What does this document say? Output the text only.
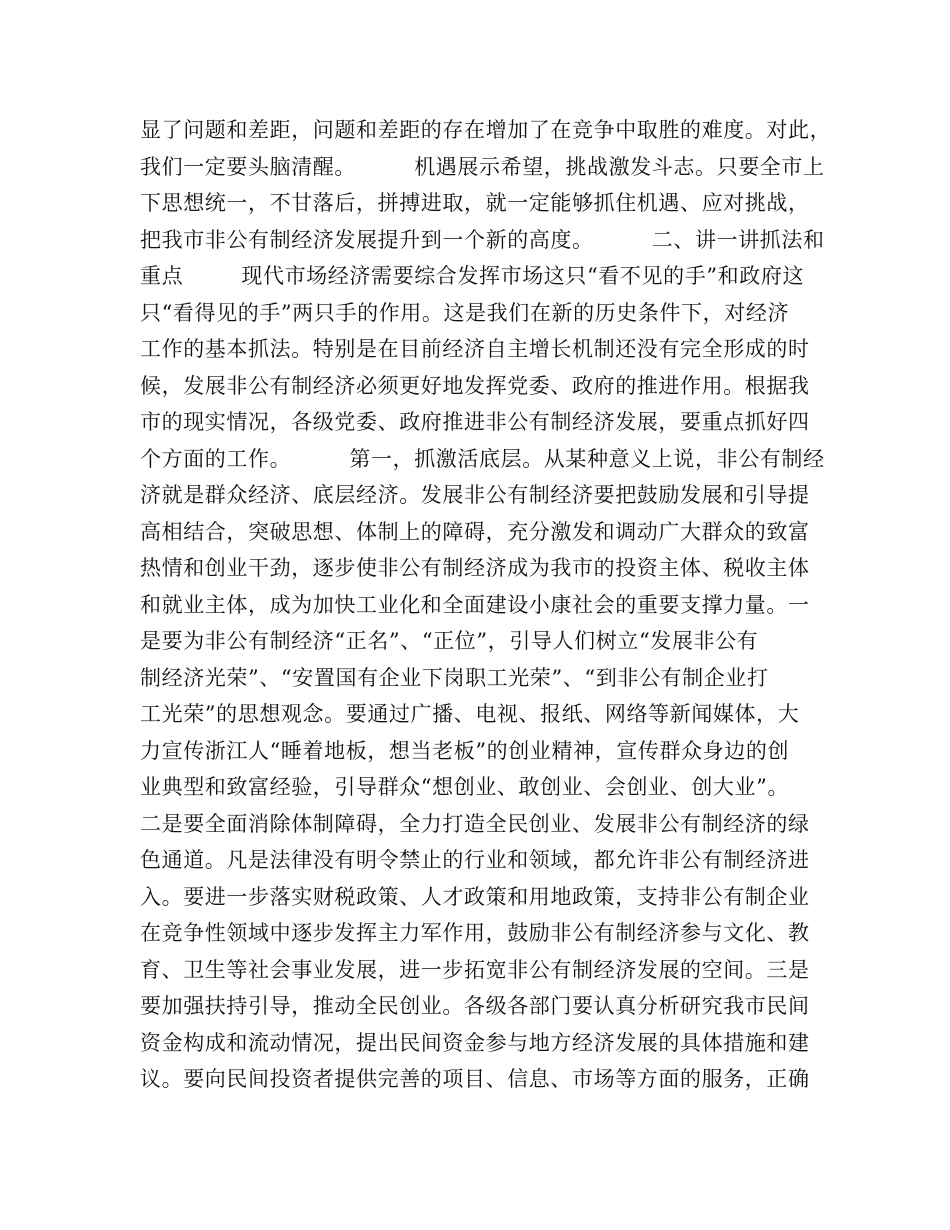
显了问题和差距，问题和差距的存在增加了在竞争中取胜的难度。对此，
我们一定要头脑清醒。        机遇展示希望，挑战激发斗志。只要全市上
下思想统一，不甘落后，拼搏进取，就一定能够抓住机遇、应对挑战，
把我市非公有制经济发展提升到一个新的高度。        二、讲一讲抓法和
重点        现代市场经济需要综合发挥市场这只“看不见的手”和政府这
只“看得见的手”两只手的作用。这是我们在新的历史条件下，对经济
工作的基本抓法。特别是在目前经济自主增长机制还没有完全形成的时
候，发展非公有制经济必须更好地发挥党委、政府的推进作用。根据我
市的现实情况，各级党委、政府推进非公有制经济发展，要重点抓好四
个方面的工作。        第一，抓激活底层。从某种意义上说，非公有制经
济就是群众经济、底层经济。发展非公有制经济要把鼓励发展和引导提
高相结合，突破思想、体制上的障碍，充分激发和调动广大群众的致富
热情和创业干劲，逐步使非公有制经济成为我市的投资主体、税收主体
和就业主体，成为加快工业化和全面建设小康社会的重要支撑力量。一
是要为非公有制经济“正名”、“正位”，引导人们树立“发展非公有
制经济光荣”、“安置国有企业下岗职工光荣”、“到非公有制企业打
工光荣”的思想观念。要通过广播、电视、报纸、网络等新闻媒体，大
力宣传浙江人“睡着地板，想当老板”的创业精神，宣传群众身边的创
业典型和致富经验，引导群众“想创业、敢创业、会创业、创大业”。
二是要全面消除体制障碍，全力打造全民创业、发展非公有制经济的绿
色通道。凡是法律没有明令禁止的行业和领域，都允许非公有制经济进
入。要进一步落实财税政策、人才政策和用地政策，支持非公有制企业
在竞争性领域中逐步发挥主力军作用，鼓励非公有制经济参与文化、教
育、卫生等社会事业发展，进一步拓宽非公有制经济发展的空间。三是
要加强扶持引导，推动全民创业。各级各部门要认真分析研究我市民间
资金构成和流动情况，提出民间资金参与地方经济发展的具体措施和建
议。要向民间投资者提供完善的项目、信息、市场等方面的服务，正确
